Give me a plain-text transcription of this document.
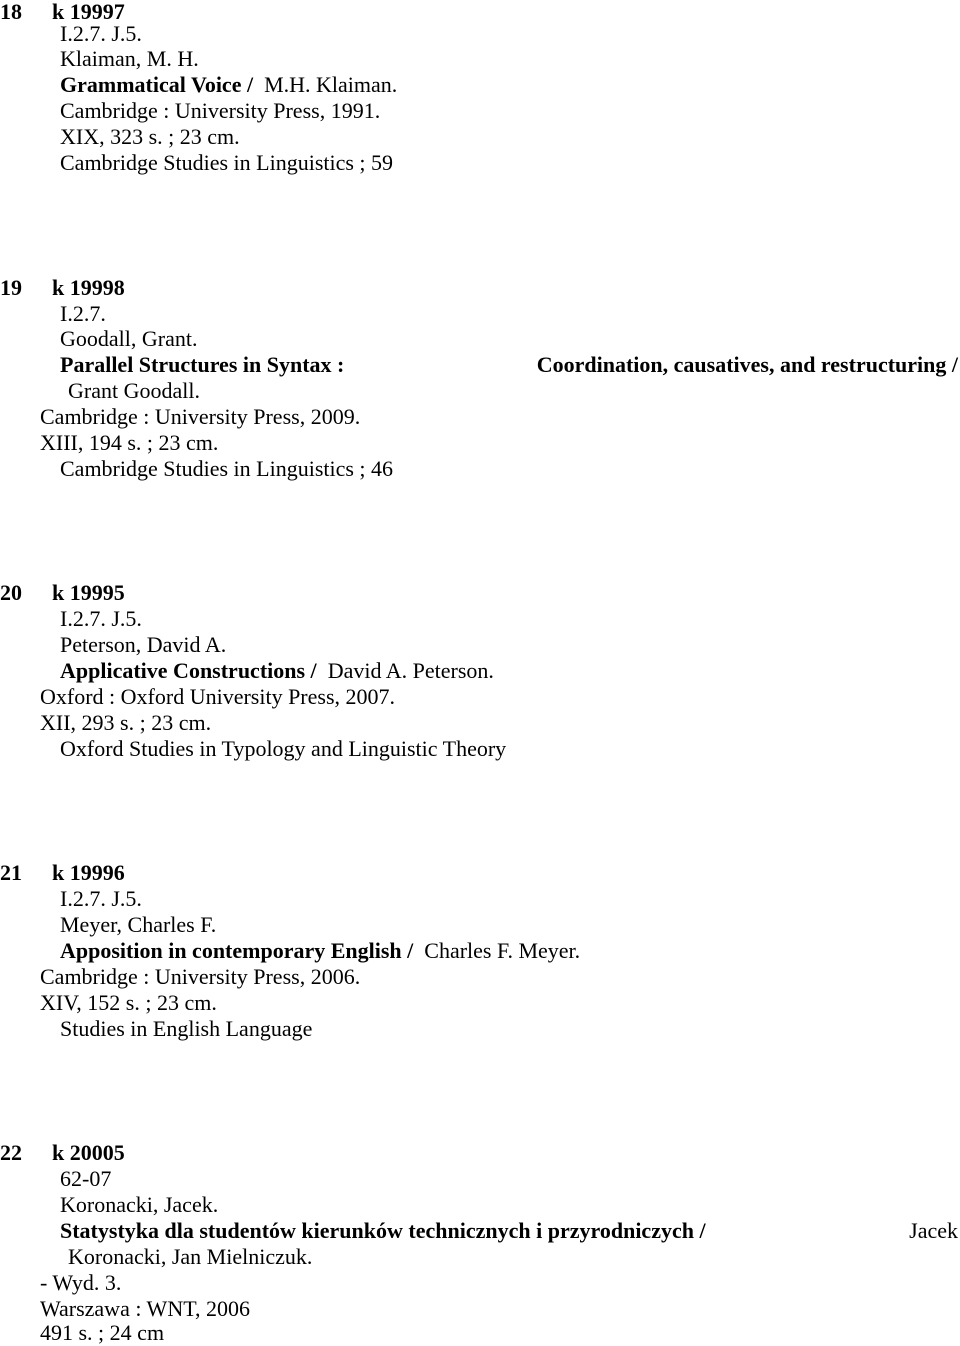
18 k 19997
I.2.7. J.5.
Klaiman, M. H.
Grammatical Voice / M.H. Klaiman.
Cambridge : University Press, 1991.
XIX, 323 s. ; 23 cm.
Cambridge Studies in Linguistics ; 59
19 k 19998
I.2.7.
Goodall, Grant.
Parallel Structures in Syntax :	Coordination, causatives, and restructuring /
Grant Goodall.
Cambridge : University Press, 2009.
XIII, 194 s. ; 23 cm.
Cambridge Studies in Linguistics ; 46
20 k 19995
I.2.7. J.5.
Peterson, David A.
Applicative Constructions / David A. Peterson.
Oxford : Oxford University Press, 2007.
XII, 293 s. ; 23 cm.
Oxford Studies in Typology and Linguistic Theory
21 k 19996
I.2.7. J.5.
Meyer, Charles F.
Apposition in contemporary English / Charles F. Meyer.
Cambridge : University Press, 2006.
XIV, 152 s. ; 23 cm.
Studies in English Language
22 k 20005
62-07
Koronacki, Jacek.
Statystyka dla studentów kierunków technicznych i przyrodniczych /	Jacek
Koronacki, Jan Mielniczuk.
- Wyd. 3.
Warszawa : WNT, 2006
491 s. ; 24 cm
